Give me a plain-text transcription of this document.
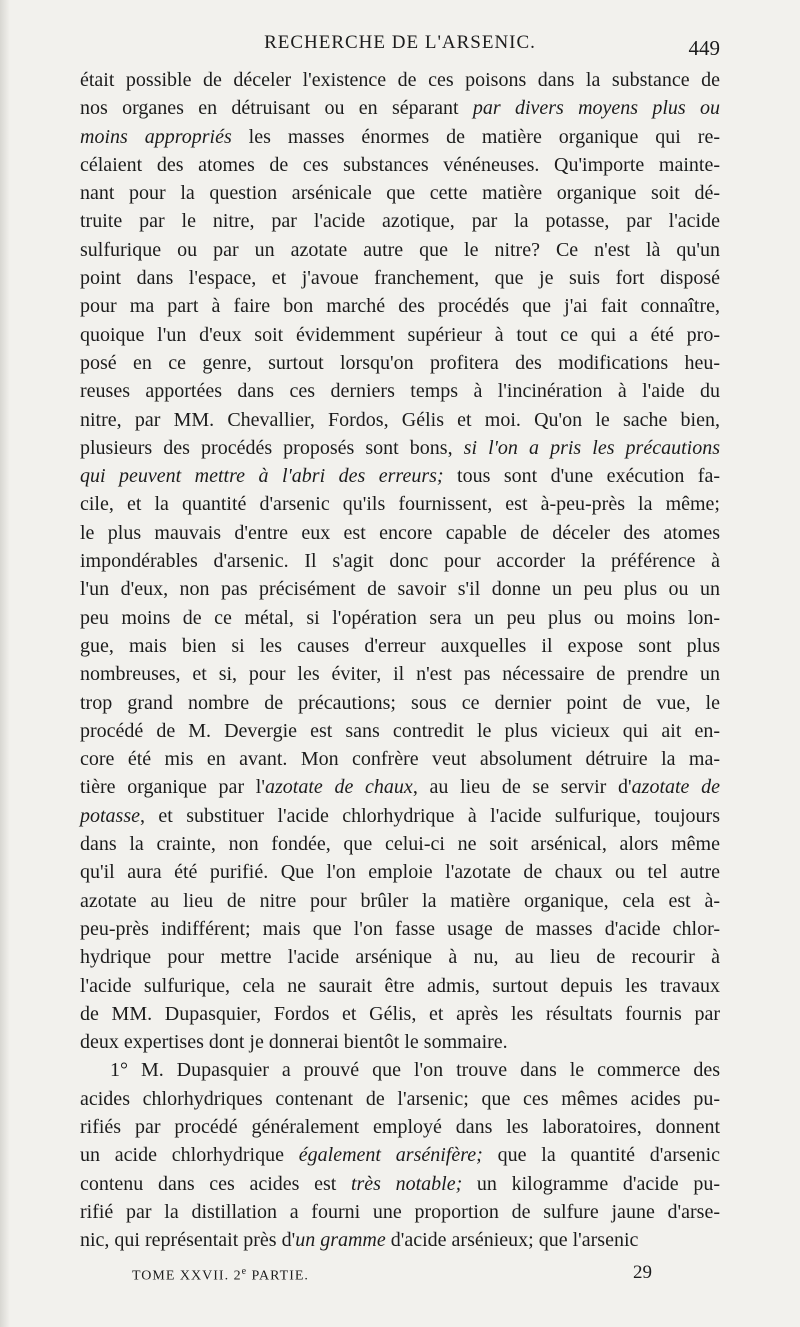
RECHERCHE DE L'ARSENIC.	449
était possible de déceler l'existence de ces poisons dans la substance de
nos organes en détruisant ou en séparant par divers moyens plus ou
moins appropriés les masses énormes de matière organique qui re-
célaient des atomes de ces substances vénéneuses. Qu'importe mainte-
nant pour la question arsénicale que cette matière organique soit dé-
truite par le nitre, par l'acide azotique, par la potasse, par l'acide
sulfurique ou par un azotate autre que le nitre? Ce n'est là qu'un
point dans l'espace, et j'avoue franchement, que je suis fort disposé
pour ma part à faire bon marché des procédés que j'ai fait connaître,
quoique l'un d'eux soit évidemment supérieur à tout ce qui a été pro-
posé en ce genre, surtout lorsqu'on profitera des modifications heu-
reuses apportées dans ces derniers temps à l'incinération à l'aide du
nitre, par MM. Chevallier, Fordos, Gélis et moi. Qu'on le sache bien,
plusieurs des procédés proposés sont bons, si l'on a pris les précautions
qui peuvent mettre à l'abri des erreurs; tous sont d'une exécution fa-
cile, et la quantité d'arsenic qu'ils fournissent, est à-peu-près la même;
le plus mauvais d'entre eux est encore capable de déceler des atomes
impondérables d'arsenic. Il s'agit donc pour accorder la préférence à
l'un d'eux, non pas précisément de savoir s'il donne un peu plus ou un
peu moins de ce métal, si l'opération sera un peu plus ou moins lon-
gue, mais bien si les causes d'erreur auxquelles il expose sont plus
nombreuses, et si, pour les éviter, il n'est pas nécessaire de prendre un
trop grand nombre de précautions; sous ce dernier point de vue, le
procédé de M. Devergie est sans contredit le plus vicieux qui ait en-
core été mis en avant. Mon confrère veut absolument détruire la ma-
tière organique par l'azotate de chaux, au lieu de se servir d'azotate de
potasse, et substituer l'acide chlorhydrique à l'acide sulfurique, toujours
dans la crainte, non fondée, que celui-ci ne soit arsénical, alors même
qu'il aura été purifié. Que l'on emploie l'azotate de chaux ou tel autre
azotate au lieu de nitre pour brûler la matière organique, cela est à-
peu-près indifférent; mais que l'on fasse usage de masses d'acide chlor-
hydrique pour mettre l'acide arsénique à nu, au lieu de recourir à
l'acide sulfurique, cela ne saurait être admis, surtout depuis les travaux
de MM. Dupasquier, Fordos et Gélis, et après les résultats fournis par
deux expertises dont je donnerai bientôt le sommaire.
1° M. Dupasquier a prouvé que l'on trouve dans le commerce des
acides chlorhydriques contenant de l'arsenic; que ces mêmes acides pu-
rifiés par procédé généralement employé dans les laboratoires, donnent
un acide chlorhydrique également arsénifère; que la quantité d'arsenic
contenu dans ces acides est très notable; un kilogramme d'acide pu-
rifié par la distillation a fourni une proportion de sulfure jaune d'arse-
nic, qui représentait près d'un gramme d'acide arsénieux; que l'arsenic
TOME XXVII. 2e PARTIE.	29
